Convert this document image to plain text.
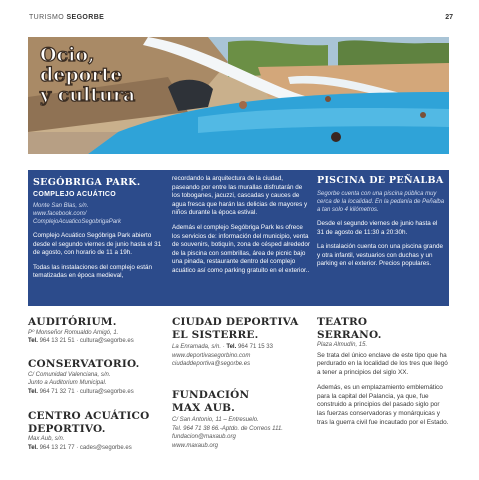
TURISMO SEGORBE	27
Ocio,
deporte
y cultura
SEGÓBRIGA PARK.
COMPLEJO ACUÁTICO
Monte San Blas, s/n.
www.facebook.com/
ComplejoAcuaticoSegobrigaPark
Complejo Acuático Segóbriga Park abierto desde el segundo viernes de junio hasta el 31 de agosto, con horario de 11 a 19h.
Todas las instalaciones del complejo están tematizadas en época medieval,
recordando la arquitectura de la ciudad, paseando por entre las murallas disfrutarán de los toboganes, jacuzzi, cascadas y cauces de agua fresca que harán las delicias de mayores y niños durante la época estival.
Además el complejo Segóbriga Park les ofrece los servicios de: información del municipio, venta de souvenirs, botiquín, zona de césped alrededor de la piscina con sombrillas, área de picnic bajo una pinada, restaurante dentro del complejo acuático así como parking gratuito en el exterior..
PISCINA DE PEÑALBA
Segorbe cuenta con una piscina pública muy cerca de la localidad. En la pedanía de Peñalba a tan solo 4 kilómetros.
Desde el segundo viernes de junio hasta el 31 de agosto de 11:30 a 20:30h.
La instalación cuenta con una piscina grande y otra infantil, vestuarios con duchas y un parking en el exterior. Precios populares.
AUDITÓRIUM.
Pº Monseñor Romualdo Amigó, 1.
Tel. 964 13 21 51 · cultura@segorbe.es
CONSERVATORIO.
C/ Comunidad Valenciana, s/n.
Junto a Auditorium Municipal.
Tel. 964 71 32 71 · cultura@segorbe.es
CENTRO ACUÁTICO
DEPORTIVO.
Max Aub, s/n.
Tel. 964 13 21 77 · cades@segorbe.es
CIUDAD DEPORTIVA
EL SISTERRE.
La Enramada, s/n. · Tel. 964 71 15 33
www.deportivasegorbino.com
ciudaddeportiva@segorbe.es
FUNDACIÓN
MAX AUB.
C/ San Antonio, 11 – Entresuelo.
Tel. 964 71 38 66.-Aptdo. de Correos 111.
fundacion@maxaub.org
www.maxaub.org
TEATRO
SERRANO.
Plaza Almudín, 15.
Se trata del único enclave de este tipo que ha perdurado en la localidad de los tres que llegó a tener a principios del siglo XX.
Además, es un emplazamiento emblemático para la capital del Palancia, ya que, fue construido a principios del pasado siglo por las fuerzas conservadoras y monárquicas y tras la guerra civil fue incautado por el Estado.
